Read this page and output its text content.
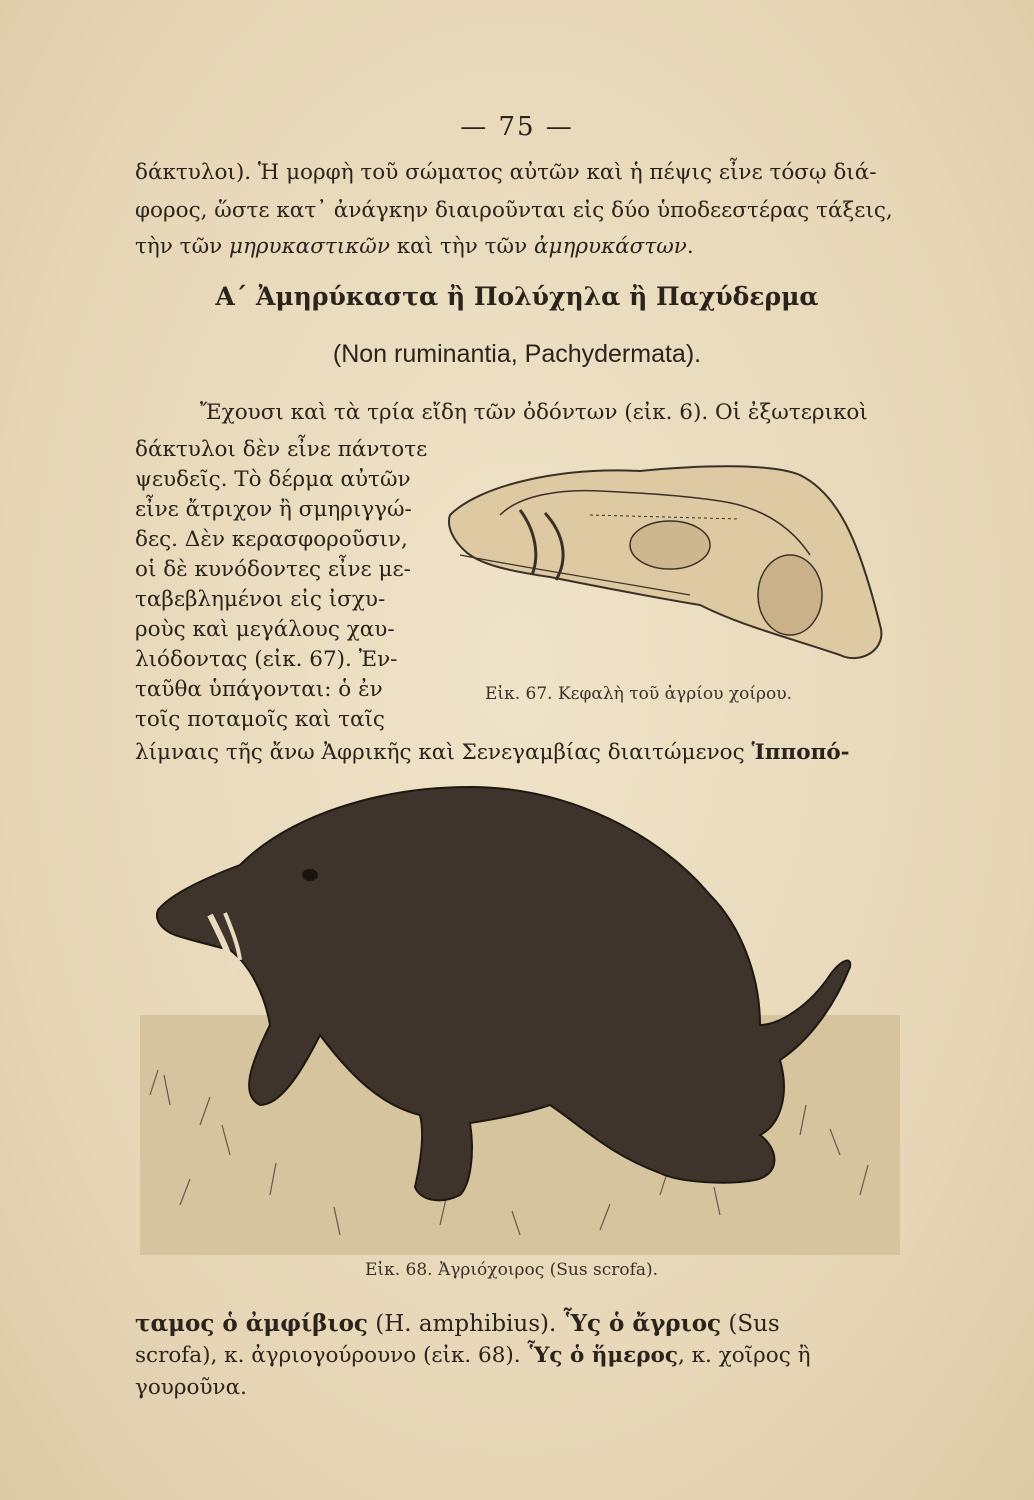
— 75 —
δάκτυλοι). Ἡ μορφὴ τοῦ σώματος αὐτῶν καὶ ἡ πέψις εἶνε τόσῳ διά-
φορος, ὥστε κατ᾽ ἀνάγκην διαιροῦνται εἰς δύο ὑποδεεστέρας τάξεις,
τὴν τῶν μηρυκαστικῶν καὶ τὴν τῶν ἀμηρυκάστων.
Α΄ Ἀμηρύκαστα ἢ Πολύχηλα ἢ Παχύδερμα
(Non ruminantia, Pachydermata).
Ἔχουσι καὶ τὰ τρία εἴδη τῶν ὀδόντων (εἰκ. 6). Οἱ ἐξωτερικοὶ
δάκτυλοι δὲν εἶνε πάντοτε
ψευδεῖς. Τὸ δέρμα αὐτῶν
εἶνε ἄτριχον ἢ σμηριγγώ-
δες. Δὲν κερασφοροῦσιν,
οἱ δὲ κυνόδοντες εἶνε με-
ταβεβλημένοι εἰς ἰσχυ-
ροὺς καὶ μεγάλους χαυ-
λιόδοντας (εἰκ. 67). Ἐν-
ταῦθα ὑπάγονται: ὁ ἐν
τοῖς ποταμοῖς καὶ ταῖς
λίμναις τῆς ἄνω Ἀφρικῆς καὶ Σενεγαμβίας διαιτώμενος Ἱπποπό-
Εἰκ. 67. Κεφαλὴ τοῦ ἀγρίου χοίρου.
Εἰκ. 68. Ἀγριόχοιρος (Sus scrofa).
ταμος ὁ ἀμφίβιος (H. amphibius). Ὗς ὁ ἄγριος (Sus
scrofa), κ. ἀγριογούρουνο (εἰκ. 68). Ὗς ὁ ἥμερος, κ. χοῖρος ἢ
γουροῦνα.
